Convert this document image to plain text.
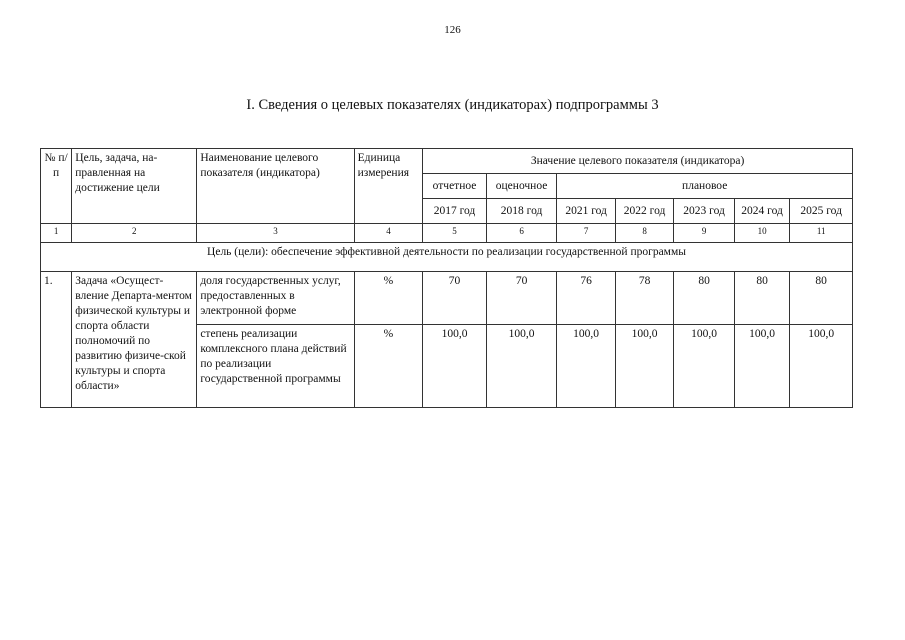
126
I. Сведения о целевых показателях (индикаторах) подпрограммы 3
№ п/п	Цель, задача, на-правленная на достижение цели	Наименование целевого показателя (индикатора)	Единица измерения	Значение целевого показателя (индикатора)						
				отчетное	оценочное	плановое				
				2017 год	2018 год	2021 год	2022 год	2023 год	2024 год	2025 год
1	2	3	4	5	6	7	8	9	10	11
Цель (цели): обеспечение эффективной деятельности по реализации государственной программы										
1.	Задача «Осущест-вление Департа-ментом физической культуры и спорта области полномочий по развитию физиче-ской культуры и спорта области»	доля государственных услуг, предоставленных в электронной форме	%	70	70	76	78	80	80	80
		степень реализации комплексного плана действий по реализации государственной программы	%	100,0	100,0	100,0	100,0	100,0	100,0	100,0
